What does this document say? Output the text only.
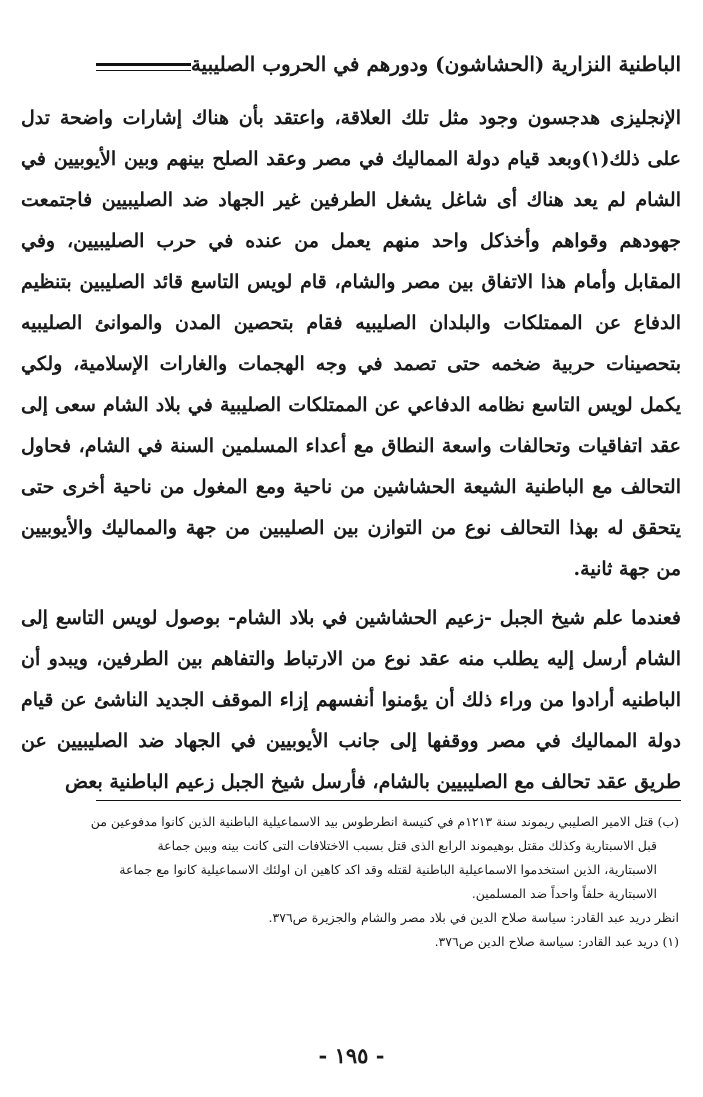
الباطنية النزارية (الحشاشون) ودورهم في الحروب الصليبية

الإنجليزى هدجسون وجود مثل تلك العلاقة، واعتقد بأن هناك إشارات واضحة تدل على ذلك(١)وبعد قيام دولة المماليك في مصر وعقد الصلح بينهم وبين الأيوبيين في الشام لم يعد هناك أى شاغل يشغل الطرفين غير الجهاد ضد الصليبيين فاجتمعت جهودهم وقواهم وأخذكل واحد منهم يعمل من عنده في حرب الصليبيين، وفي المقابل وأمام هذا الاتفاق بين مصر والشام، قام لويس التاسع قائد الصليبين بتنظيم الدفاع عن الممتلكات والبلدان الصليبيه فقام بتحصين المدن والموانئ الصليبيه بتحصينات حربية ضخمه حتى تصمد في وجه الهجمات والغارات الإسلامية، ولكي يكمل لويس التاسع نظامه الدفاعي عن الممتلكات الصليبية في بلاد الشام سعى إلى عقد اتفاقيات وتحالفات واسعة النطاق مع أعداء المسلمين السنة في الشام، فحاول التحالف مع الباطنية الشيعة الحشاشين من ناحية ومع المغول من ناحية أخرى حتى يتحقق له بهذا التحالف نوع من التوازن بين الصليبين من جهة والمماليك والأيوبيين من جهة ثانية.

فعندما علم شيخ الجبل -زعيم الحشاشين في بلاد الشام- بوصول لويس التاسع إلى الشام أرسل إليه يطلب منه عقد نوع من الارتباط والتفاهم بين الطرفين، ويبدو أن الباطنيه أرادوا من وراء ذلك أن يؤمنوا أنفسهم إزاء الموقف الجديد الناشئ عن قيام دولة المماليك في مصر ووقفها إلى جانب الأيوبيين في الجهاد ضد الصليبيين عن طريق عقد تحالف مع الصليبيين بالشام، فأرسل شيخ الجبل زعيم الباطنية بعض

(ب) قتل الامير الصليبي ريموند سنة ١٢١٣م في كنيسة انطرطوس بيد الاسماعيلية الباطنية الذين كانوا مدفوعين من

قبل الاسبتارية وكذلك مقتل بوهيموند الرابع الذى قتل بسبب الاختلافات التى كانت بينه وبين جماعة

الاسبتارية، الذين استخدموا الاسماعيلية الباطنية لقتله وقد اكد كاهين ان اولئك الاسماعيلية كانوا مع جماعة

الاسبتارية حلفاً واحداً ضد المسلمين.

انظر دريد عبد القادر: سياسة صلاح الدين في بلاد مصر والشام والجزيرة ص٣٧٦.

(١) دريد عبد القادر: سياسة صلاح الدين ص٣٧٦.

- ١٩٥ -
